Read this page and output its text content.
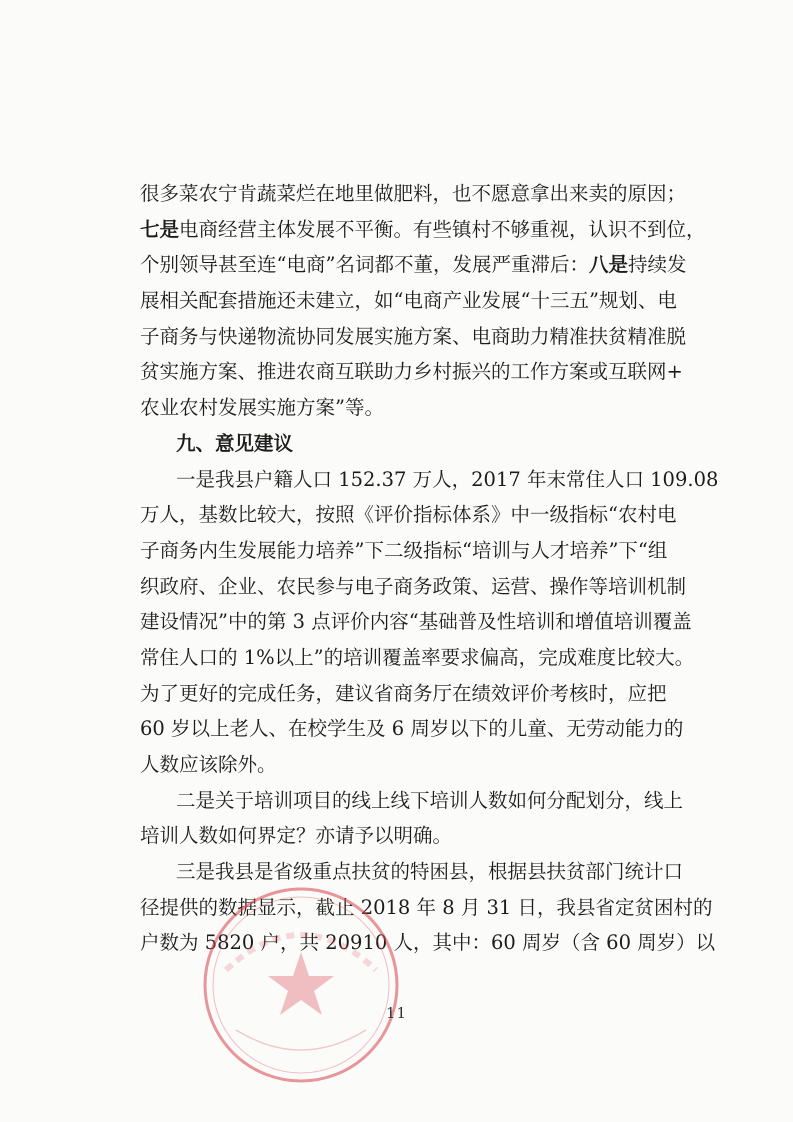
很多菜农宁肯蔬菜烂在地里做肥料，也不愿意拿出来卖的原因；
七是电商经营主体发展不平衡。有些镇村不够重视，认识不到位，
个别领导甚至连“电商”名词都不董，发展严重滞后：八是持续发
展相关配套措施还未建立，如“电商产业发展“十三五”规划、电
子商务与快递物流协同发展实施方案、电商助力精准扶贫精准脱
贫实施方案、推进农商互联助力乡村振兴的工作方案或互联网+
农业农村发展实施方案”等。
九、意见建议
一是我县户籍人口 152.37 万人，2017 年末常住人口 109.08
万人，基数比较大，按照《评价指标体系》中一级指标“农村电
子商务内生发展能力培养”下二级指标“培训与人才培养”下“组
织政府、企业、农民参与电子商务政策、运营、操作等培训机制
建设情况”中的第 3 点评价内容“基础普及性培训和增值培训覆盖
常住人口的 1%以上”的培训覆盖率要求偏高，完成难度比较大。
为了更好的完成任务，建议省商务厅在绩效评价考核时，应把
60 岁以上老人、在校学生及 6 周岁以下的儿童、无劳动能力的
人数应该除外。
二是关于培训项目的线上线下培训人数如何分配划分，线上
培训人数如何界定？亦请予以明确。
三是我县是省级重点扶贫的特困县，根据县扶贫部门统计口
径提供的数据显示，截止 2018 年 8 月 31 日，我县省定贫困村的
户数为 5820 户，共 20910 人，其中：60 周岁（含 60 周岁）以
11
